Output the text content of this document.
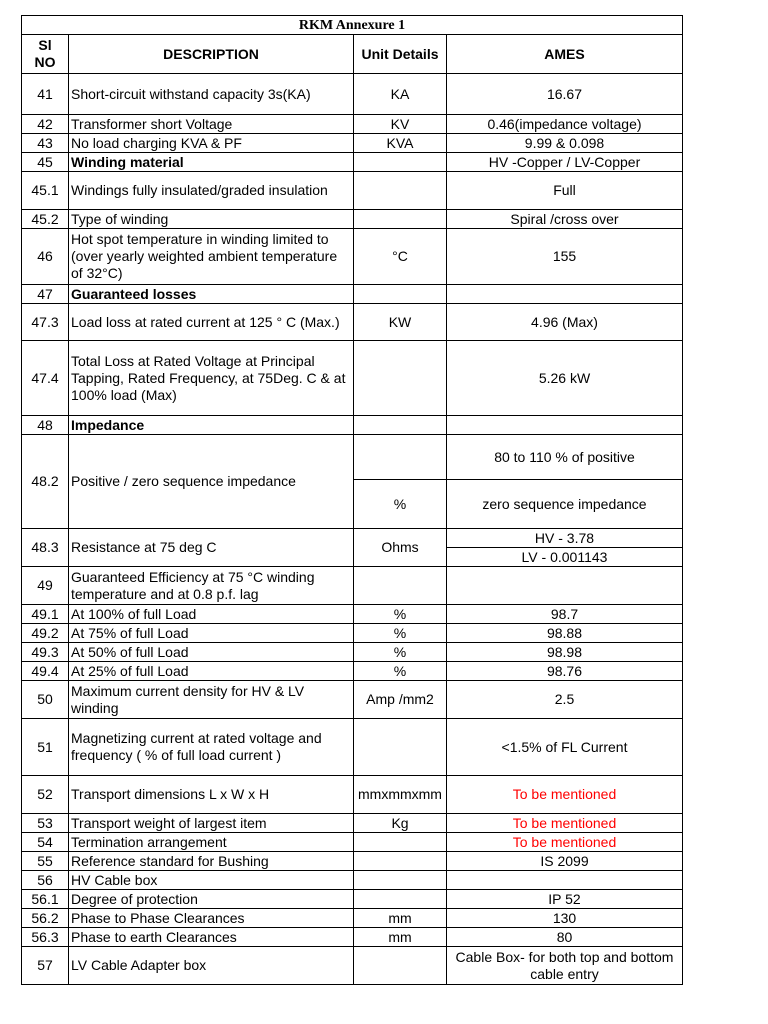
RKM Annexure 1			
Sl
NO	DESCRIPTION	Unit Details	AMES
41	Short-circuit withstand capacity 3s(KA)	KA	16.67
42	Transformer short Voltage	KV	0.46(impedance voltage)
43	No load charging KVA & PF	KVA	9.99 & 0.098
45	Winding material		HV -Copper / LV-Copper
45.1	Windings fully insulated/graded insulation		Full
45.2	Type of winding		Spiral /cross over
46	Hot spot temperature in winding limited to (over yearly weighted ambient temperature of 32°C)	°C	155
47	Guaranteed losses		
47.3	Load loss at rated current at 125 ° C (Max.)	KW	4.96 (Max)
47.4	Total Loss at Rated Voltage at Principal Tapping, Rated Frequency, at 75Deg. C & at 100% load (Max)		5.26 kW
48	Impedance		
48.2	Positive / zero sequence impedance		80 to 110 % of positive
		%	zero sequence impedance
48.3	Resistance at 75 deg C	Ohms	HV - 3.78
			LV - 0.001143
49	Guaranteed Efficiency at 75 °C winding temperature and at 0.8 p.f. lag		
49.1	At 100% of full Load	%	98.7
49.2	At 75% of full Load	%	98.88
49.3	At 50% of full Load	%	98.98
49.4	At 25% of full Load	%	98.76
50	Maximum current density for HV & LV winding	Amp /mm2	2.5
51	Magnetizing current at rated voltage and frequency ( % of full load current )		<1.5% of FL Current
52	Transport dimensions L x W x H	mmxmmxmm	To be mentioned
53	Transport weight of largest item	Kg	To be mentioned
54	Termination arrangement		To be mentioned
55	Reference standard for Bushing		IS 2099
56	HV Cable box		
56.1	Degree of protection		IP 52
56.2	Phase to Phase Clearances	mm	130
56.3	Phase to earth Clearances	mm	80
57	LV Cable Adapter box		Cable Box- for both top and bottom cable entry
